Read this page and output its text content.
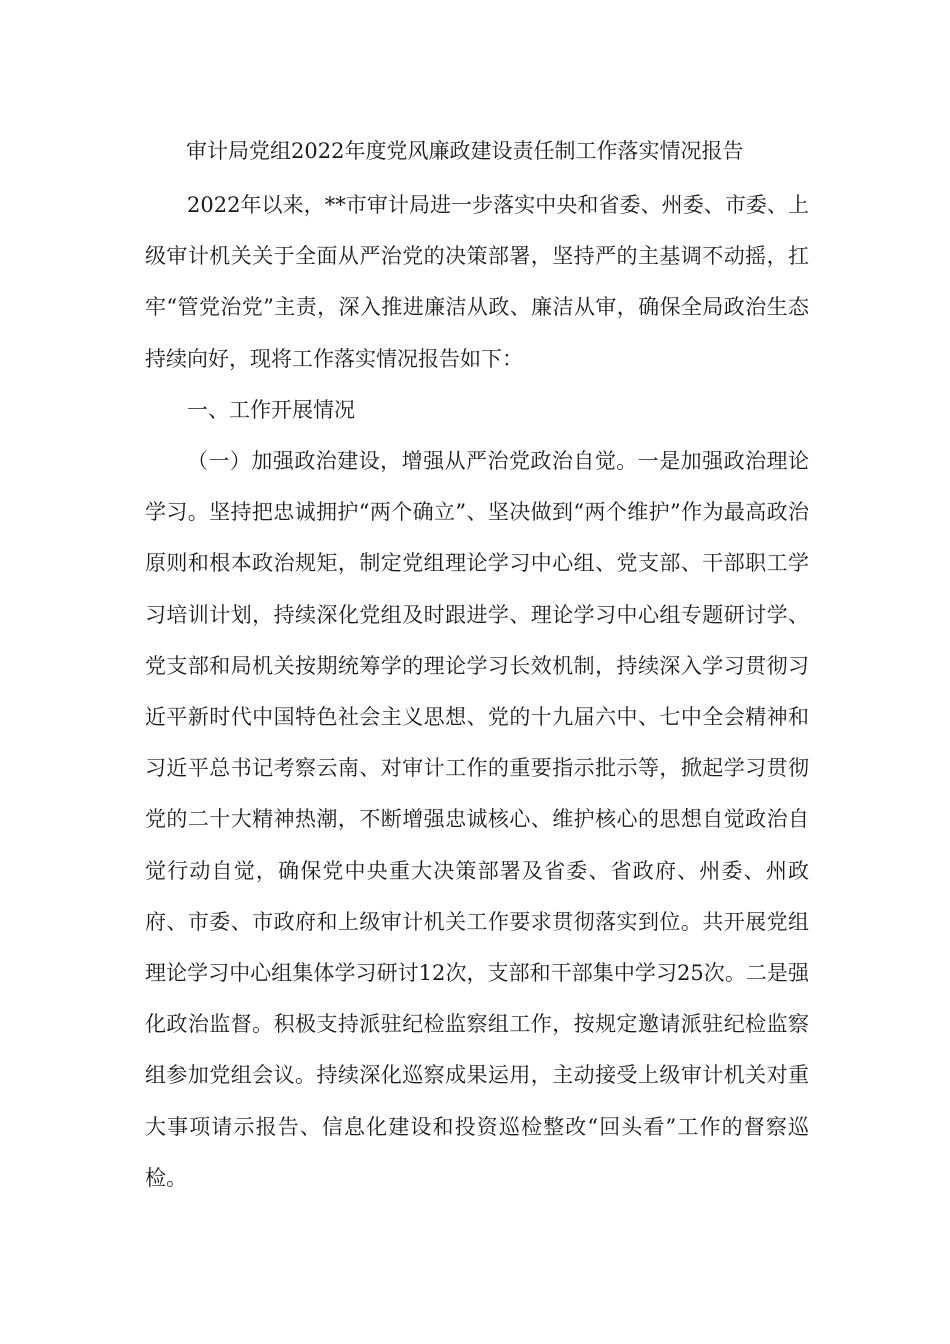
审计局党组2022年度党风廉政建设责任制工作落实情况报告

2022年以来，**市审计局进一步落实中央和省委、州委、市委、上级审计机关关于全面从严治党的决策部署，坚持严的主基调不动摇，扛牢“管党治党”主责，深入推进廉洁从政、廉洁从审，确保全局政治生态持续向好，现将工作落实情况报告如下：

一、工作开展情况

（一）加强政治建设，增强从严治党政治自觉。一是加强政治理论学习。坚持把忠诚拥护“两个确立”、坚决做到“两个维护”作为最高政治原则和根本政治规矩，制定党组理论学习中心组、党支部、干部职工学习培训计划，持续深化党组及时跟进学、理论学习中心组专题研讨学、党支部和局机关按期统筹学的理论学习长效机制，持续深入学习贯彻习近平新时代中国特色社会主义思想、党的十九届六中、七中全会精神和习近平总书记考察云南、对审计工作的重要指示批示等，掀起学习贯彻党的二十大精神热潮，不断增强忠诚核心、维护核心的思想自觉政治自觉行动自觉，确保党中央重大决策部署及省委、省政府、州委、州政府、市委、市政府和上级审计机关工作要求贯彻落实到位。共开展党组理论学习中心组集体学习研讨12次，支部和干部集中学习25次。二是强化政治监督。积极支持派驻纪检监察组工作，按规定邀请派驻纪检监察组参加党组会议。持续深化巡察成果运用，主动接受上级审计机关对重大事项请示报告、信息化建设和投资巡检整改“回头看”工作的督察巡检。
